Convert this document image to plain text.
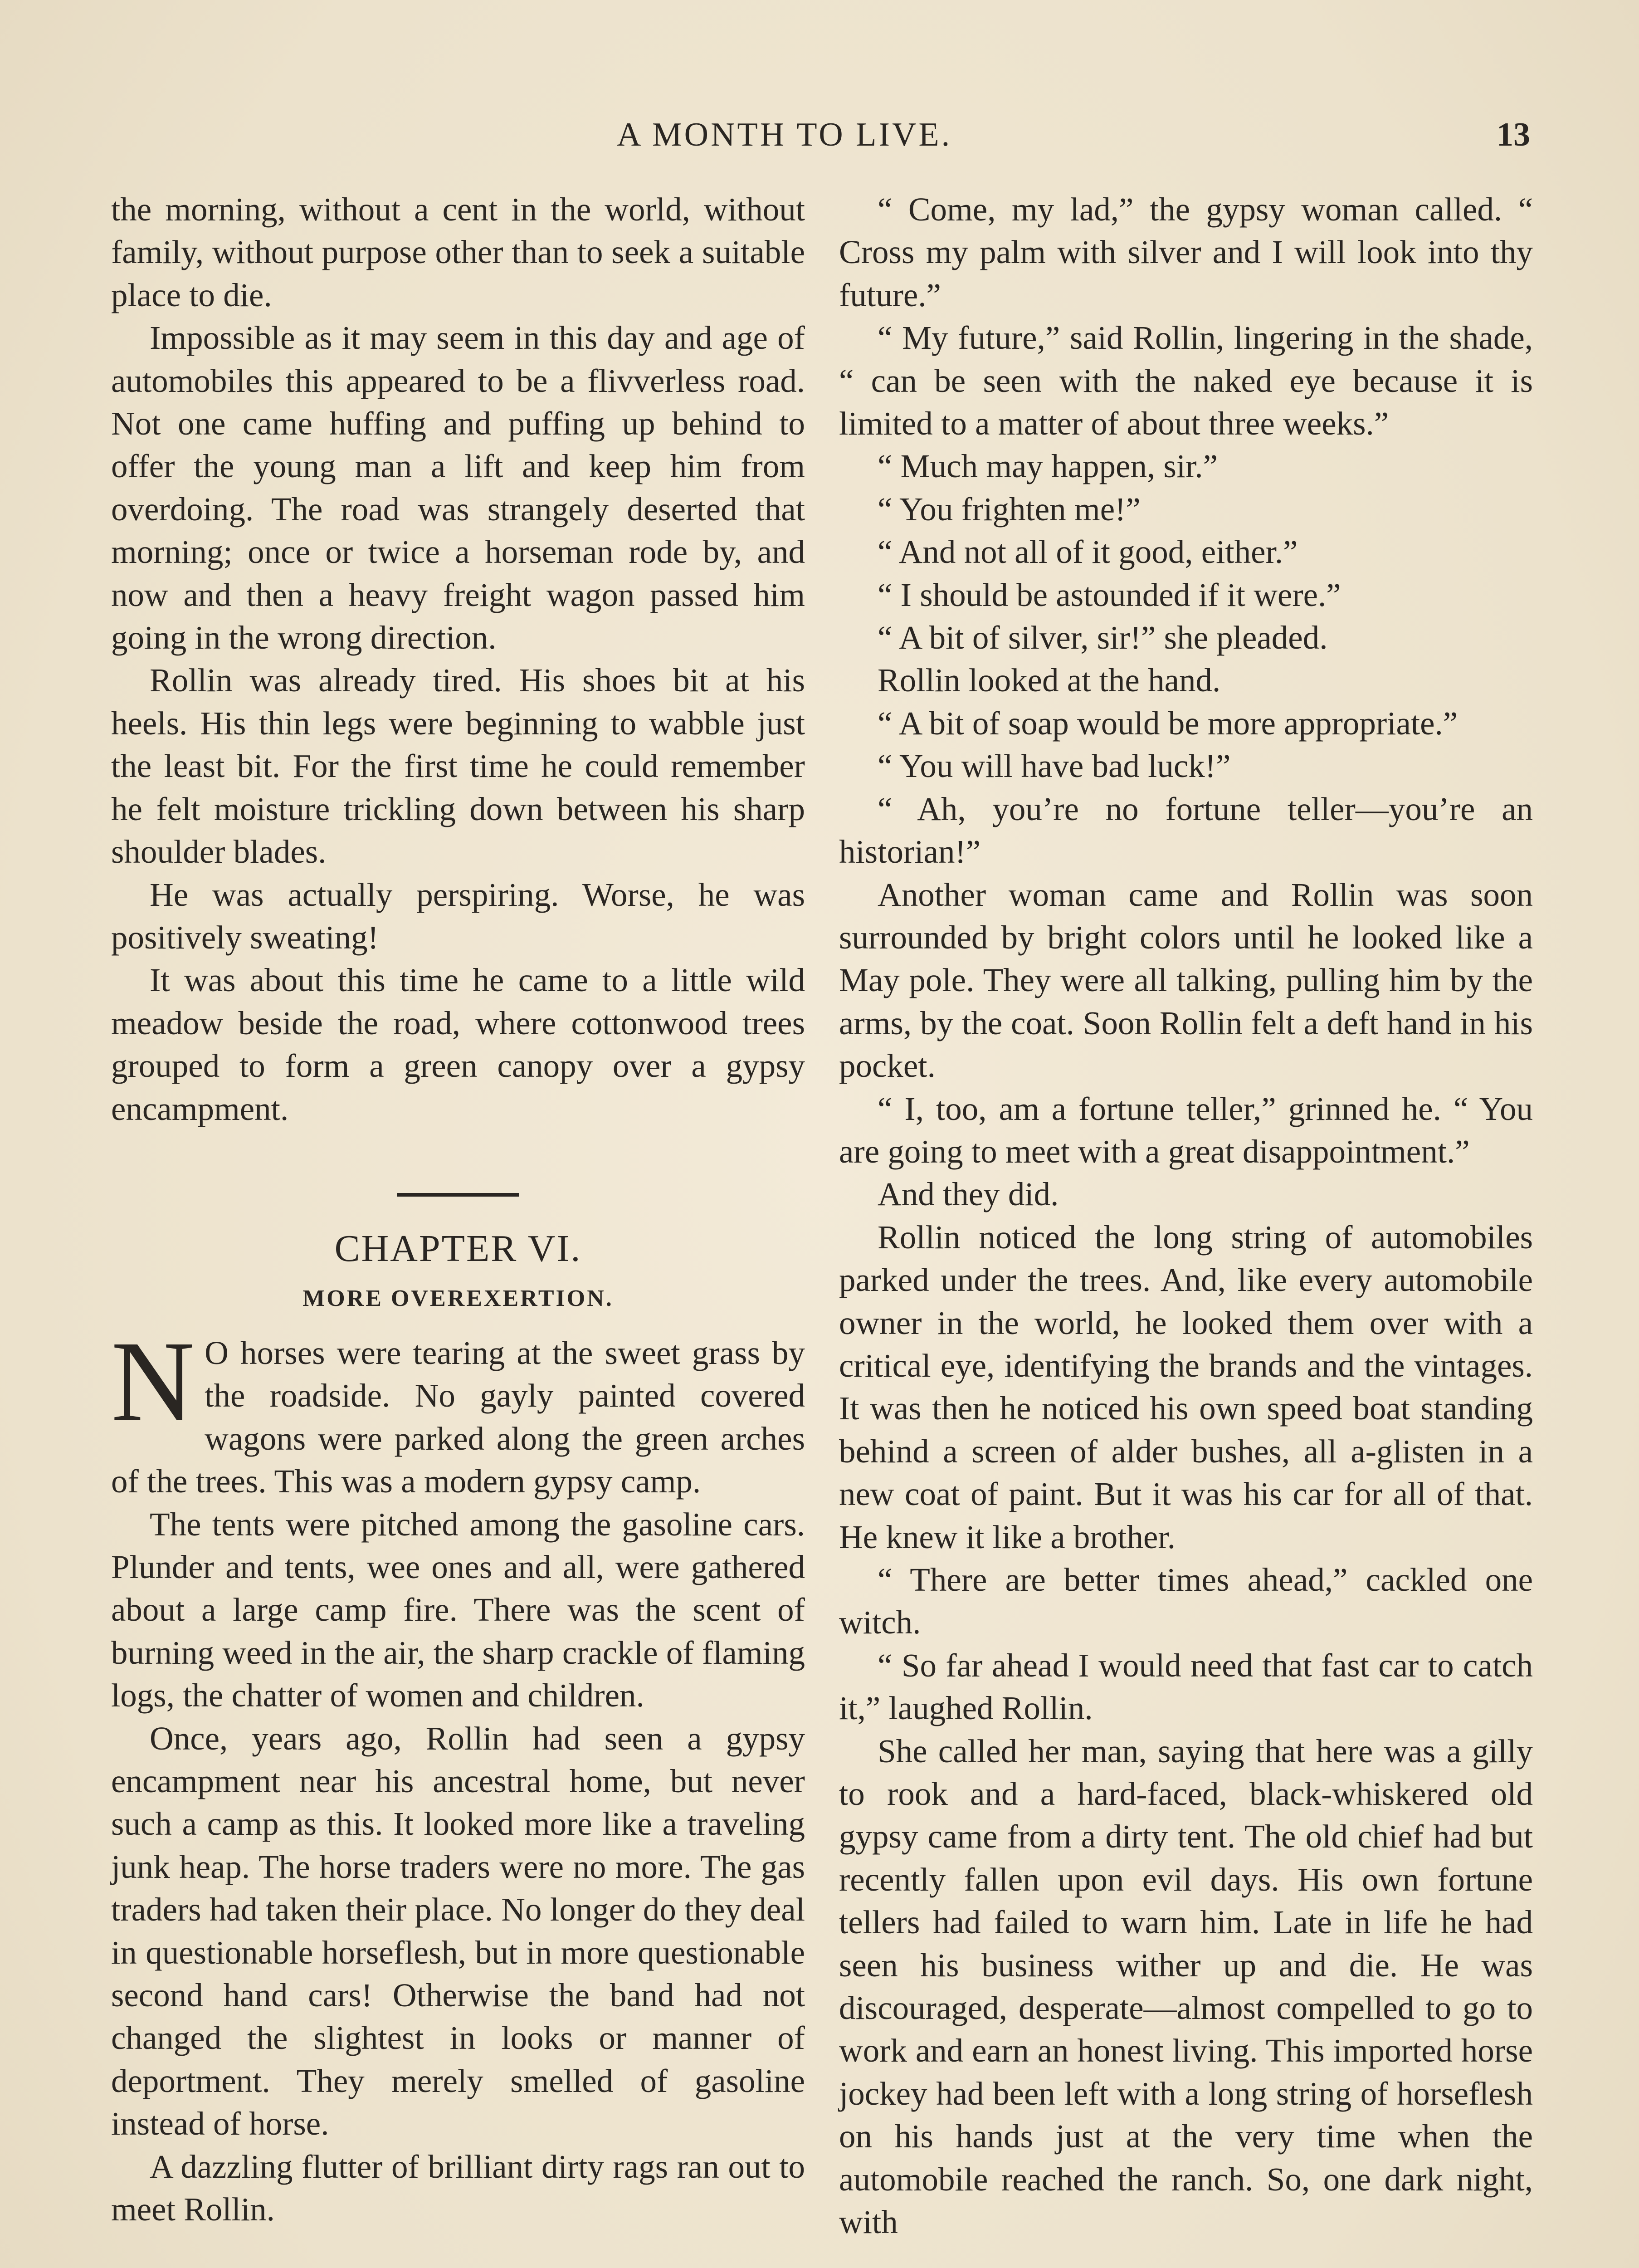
A MONTH TO LIVE.	13

the morning, without a cent in the world, without family, without purpose other than to seek a suitable place to die.

Impossible as it may seem in this day and age of automobiles this appeared to be a flivverless road. Not one came huffing and puffing up behind to offer the young man a lift and keep him from overdoing. The road was strangely deserted that morning; once or twice a horseman rode by, and now and then a heavy freight wagon passed him going in the wrong direction.

Rollin was already tired. His shoes bit at his heels. His thin legs were beginning to wabble just the least bit. For the first time he could remember he felt moisture trickling down between his sharp shoulder blades.

He was actually perspiring. Worse, he was positively sweating!

It was about this time he came to a little wild meadow beside the road, where cottonwood trees grouped to form a green canopy over a gypsy encampment.

CHAPTER VI.
MORE OVEREXERTION.

N O horses were tearing at the sweet grass by the roadside. No gayly painted covered wagons were parked along the green arches of the trees. This was a modern gypsy camp.

The tents were pitched among the gasoline cars. Plunder and tents, wee ones and all, were gathered about a large camp fire. There was the scent of burning weed in the air, the sharp crackle of flaming logs, the chatter of women and children.

Once, years ago, Rollin had seen a gypsy encampment near his ancestral home, but never such a camp as this. It looked more like a traveling junk heap. The horse traders were no more. The gas traders had taken their place. No longer do they deal in questionable horseflesh, but in more questionable second hand cars! Otherwise the band had not changed the slightest in looks or manner of deportment. They merely smelled of gasoline instead of horse.

A dazzling flutter of brilliant dirty rags ran out to meet Rollin.

“ Come, my lad,” the gypsy woman called. “ Cross my palm with silver and I will look into thy future.”

“ My future,” said Rollin, lingering in the shade, “ can be seen with the naked eye because it is limited to a matter of about three weeks.”

“ Much may happen, sir.”

“ You frighten me!”

“ And not all of it good, either.”

“ I should be astounded if it were.”

“ A bit of silver, sir!” she pleaded.

Rollin looked at the hand.

“ A bit of soap would be more appropriate.”

“ You will have bad luck!”

“ Ah, you’re no fortune teller—you’re an historian!”

Another woman came and Rollin was soon surrounded by bright colors until he looked like a May pole. They were all talking, pulling him by the arms, by the coat. Soon Rollin felt a deft hand in his pocket.

“ I, too, am a fortune teller,” grinned he. “ You are going to meet with a great disappointment.”

And they did.

Rollin noticed the long string of automobiles parked under the trees. And, like every automobile owner in the world, he looked them over with a critical eye, identifying the brands and the vintages. It was then he noticed his own speed boat standing behind a screen of alder bushes, all a-glisten in a new coat of paint. But it was his car for all of that. He knew it like a brother.

“ There are better times ahead,” cackled one witch.

“ So far ahead I would need that fast car to catch it,” laughed Rollin.

She called her man, saying that here was a gilly to rook and a hard-faced, black-whiskered old gypsy came from a dirty tent. The old chief had but recently fallen upon evil days. His own fortune tellers had failed to warn him. Late in life he had seen his business wither up and die. He was discouraged, desperate—almost compelled to go to work and earn an honest living. This imported horse jockey had been left with a long string of horseflesh on his hands just at the very time when the automobile reached the ranch. So, one dark night, with
